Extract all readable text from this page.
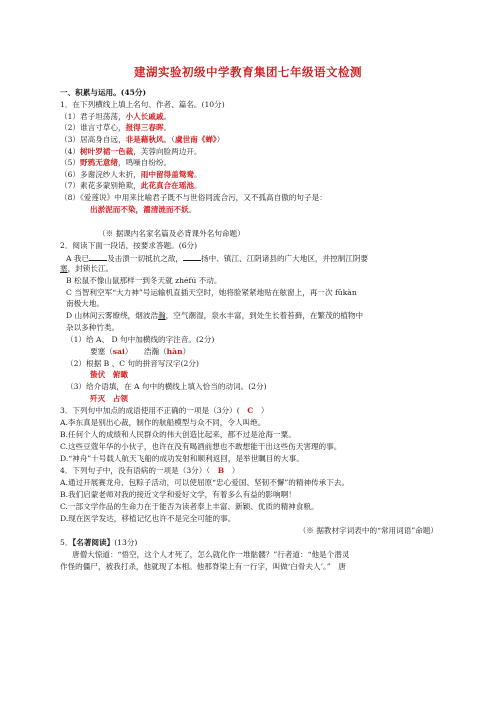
建湖实验初级中学教育集团七年级语文检测
一、积累与运用。(45分)
1．在下列横线上填上名句、作者、篇名。(10分)
（1）君子坦荡荡，小人长戚戚。
（2）谁言寸草心，报得三春晖。
（3）居高身自远，非是藉秋风。（虞世南《蝉》）
（4）树叶罗裙一色裁，芙蓉向脸两边开。
（5）野鸦无意绪，鸣噪自纷纷。
（6）多谢浣纱人未折，雨中留得盖鸳鸯。
（7）素花多蒙别艳欺，此花真合在瑶池。
（8）《爱莲说》中用来比喻君子既不与世俗同流合污，又不孤高自傲的句子是：
出淤泥而不染，濯清涟而不妖。
（※ 据课内名家名篇及必背课外名句命题）
2．阅读下面一段话，按要求答题。(6分)
A 我已 及击溃一切抵抗之敌， 扬中、镇江、江阴诸县的广大地区，并控制江阴要
塞，封锁长江。
B 松鼠不像山鼠那样一到冬天就 zhéfú 不动。
C 当智利空军“大力神”号运输机直插天空时，她将脸紧紧地贴在舷窗上，再一次 fǔkàn
南极大地。
D 山林间云雾缭绕，烟波浩瀚，空气潮湿，泉水丰富，到处生长着苔藓，在繁茂的植物中
杂以多种竹类。
（1）给 A、 D 句中加横线的字注音。(2分)
要塞（sai）　　浩瀚（hàn）
（2）根据 B 、C 句的拼音写汉字(2分)
蛰伏　俯瞰
（3）给介语填，在 A 句中的横线上填入恰当的动词。(2分)
歼灭　占领
3．下列句中加点的成语使用不正确的一项是（3分）(　 C　 ）
A.李东真是别出心裁，制作的航船模型与众不同，令人叫绝。
B.任何个人的成绩和人民群众的伟大创造比起来，都不过是沧海一粟。
C.这些豆蔻年华的小伙子，也许在没有喝酒前想也不敢想能干出这些伤天害理的事。
D.“神舟”十号载人航天飞船的成功发射和顺利返回，是举世瞩目的大事。
4．下列句子中，没有语病的一项是（3分）（　 B　 ）
A.通过开展赛龙舟、包粽子活动，可以使屈原“忠心爱国、坚韧不懈”的精神传承下去。
B.我们启蒙老师对我的接近文学和爱好文学，有着多么有益的影响啊！
C.一部文学作品的生命力在于能否为读者奉上丰富、新颖、优质的精神食粮。
D.现在医学发达，移植记忆也许不是完全可能的事。
（※ 据教材字词表中的“常用词语”命题）
5．【名著阅读】(13分)
唐僧大惊道：“悟空，这个人才死了，怎么就化作一堆骷髅？”行者道：“他是个潜灵
作怪的僵尸，被我打杀，他就现了本相。他那脊梁上有一行字，叫做‘白骨夫人’。”　唐
